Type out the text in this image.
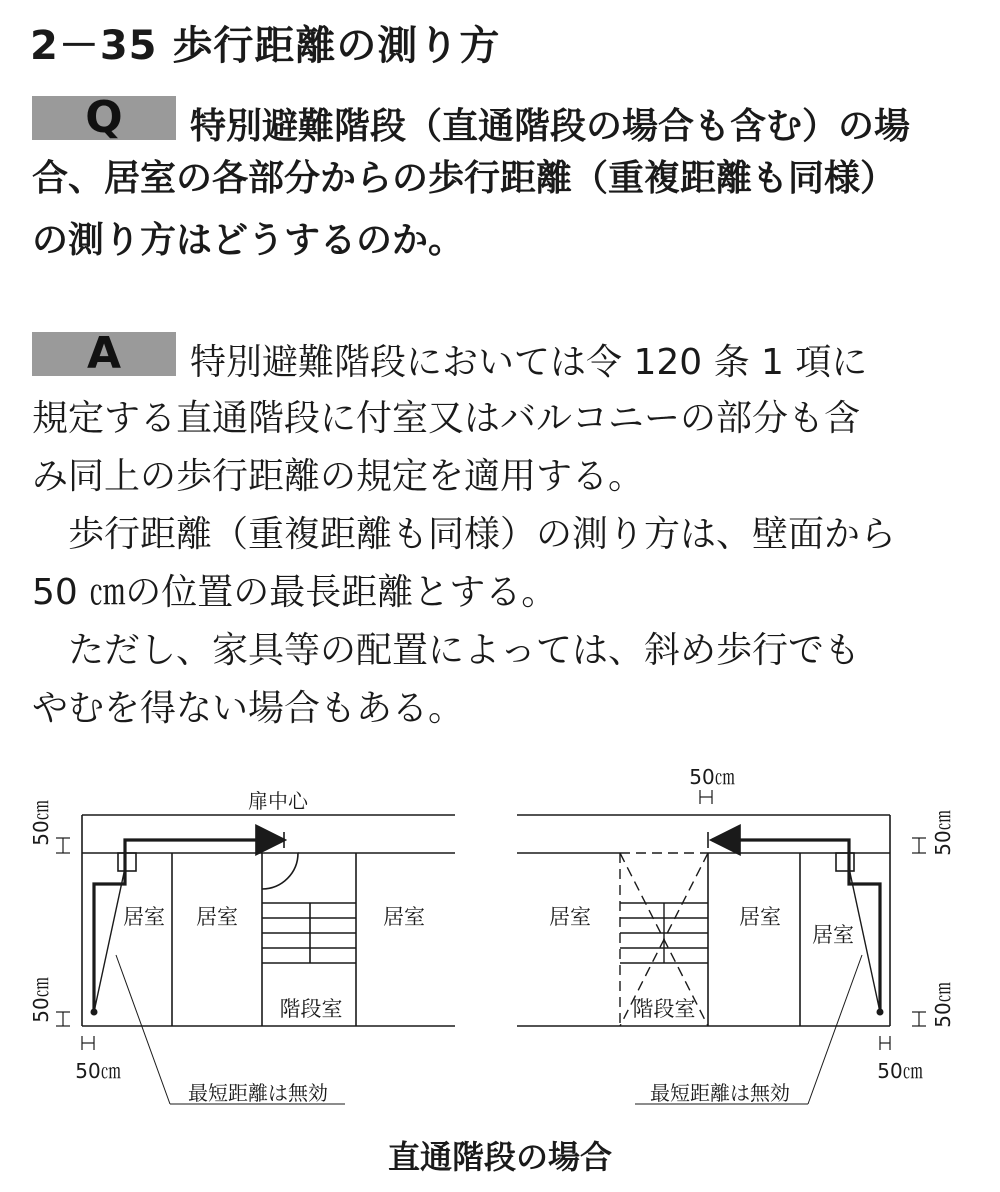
2－35 歩行距離の測り方
Q 特別避難階段（直通階段の場合も含む）の場
合、居室の各部分からの歩行距離（重複距離も同様）
の測り方はどうするのか。
A 特別避難階段においては令 120 条 1 項に
規定する直通階段に付室又はバルコニーの部分も含
み同上の歩行距離の規定を適用する。
　歩行距離（重複距離も同様）の測り方は、壁面から
50 ㎝の位置の最長距離とする。
　ただし、家具等の配置によっては、斜め歩行でも
やむを得ない場合もある。
扉中心
居室 居室	居室
階段室
50㎝
50㎝
50㎝
最短距離は無効
50㎝
居室	居室
居室
階段室
50㎝
50㎝
50㎝
最短距離は無効
直通階段の場合
